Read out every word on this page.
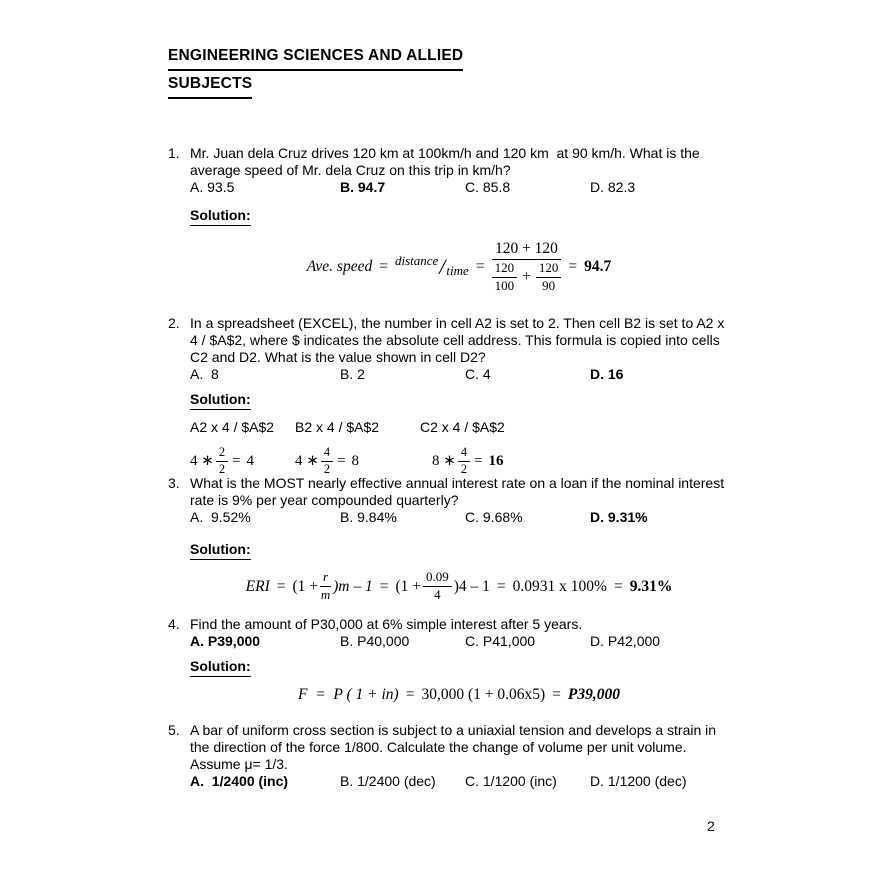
ENGINEERING SCIENCES AND ALLIED
SUBJECTS
1. Mr. Juan dela Cruz drives 120 km at 100km/h and 120 km  at 90 km/h. What is the average speed of Mr. dela Cruz on this trip in km/h?
A. 93.5	B. 94.7	C. 85.8	D. 82.3
Solution:
Ave. speed = distance / time =
120 + 120
$\frac{120}{100} + \frac{120}{90} = 94.7$
2. In a spreadsheet (EXCEL), the number in cell A2 is set to 2. Then cell B2 is set to A2 x 4 / $A$2, where $ indicates the absolute cell address. This formula is copied into cells C2 and D2. What is the value shown in cell D2?
A.  8	B. 2	C. 4	D. 16
Solution:
A2 x 4 / $A$2	B2 x 4 / $A$2	C2 x 4 / $A$2
4 ∗ $\frac{2}{2} = 4$	4 ∗ $\frac{4}{2} = 8$	8 ∗ $\frac{4}{2} = 16$
3. What is the MOST nearly effective annual interest rate on a loan if the nominal interest rate is 9% per year compounded quarterly?
A.  9.52%	B. 9.84%	C. 9.68%	D. 9.31%
Solution:
ERI = $(1 + \frac{r}{m} )m - 1 = (1 + \frac{0.09}{4} )4 - 1 = 0.0931$ x 100% = 9.31%
4. Find the amount of P30,000 at 6% simple interest after 5 years.
A. P39,000	B. P40,000	C. P41,000	D. P42,000
Solution:
F  =  P ( 1 + in) = 30,000 (1 + 0.06x5) = P39,000
5. A bar of uniform cross section is subject to a uniaxial tension and develops a strain in the direction of the force 1/800. Calculate the change of volume per unit volume. Assume μ= 1/3.
A.  1/2400 (inc)	B. 1/2400 (dec)	C. 1/1200 (inc)	D. 1/1200 (dec)
2
